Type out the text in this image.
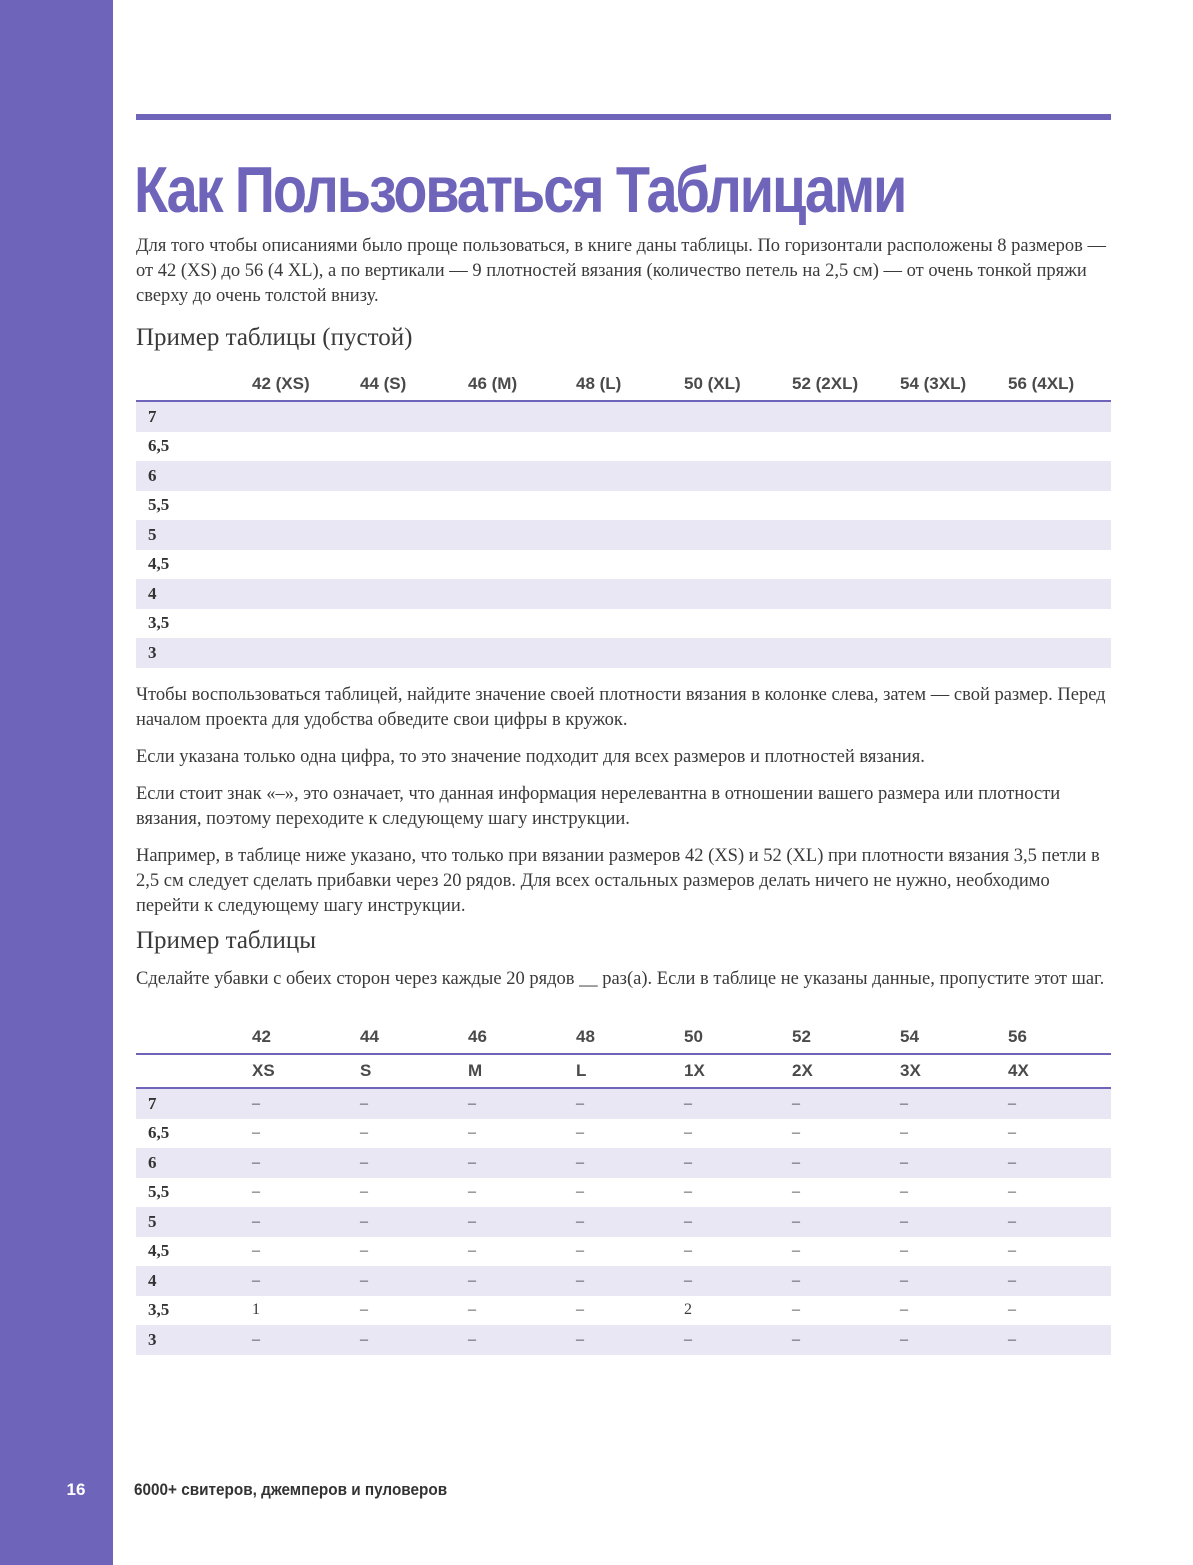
Как Пользоваться Таблицами

Для того чтобы описаниями было проще пользоваться, в книге даны таблицы. По горизонтали расположены 8 размеров — от 42 (XS) до 56 (4 XL), а по вертикали — 9 плотностей вязания (количество петель на 2,5 см) — от очень тонкой пряжи сверху до очень толстой внизу.

Пример таблицы (пустой)
	42 (XS)	44 (S)	46 (M)	48 (L)	50 (XL)	52 (2XL)	54 (3XL)	56 (4XL)
7								
6,5								
6								
5,5								
5								
4,5								
4								
3,5								
3								

Чтобы воспользоваться таблицей, найдите значение своей плотности вязания в колонке слева, затем — свой размер. Перед началом проекта для удобства обведите свои цифры в кружок.

Если указана только одна цифра, то это значение подходит для всех размеров и плотностей вязания.

Если стоит знак «–», это означает, что данная информация нерелевантна в отношении вашего размера или плотности вязания, поэтому переходите к следующему шагу инструкции.

Например, в таблице ниже указано, что только при вязании размеров 42 (XS) и 52 (XL) при плотности вязания 3,5 петли в 2,5 см следует сделать прибавки через 20 рядов. Для всех остальных размеров делать ничего не нужно, необходимо перейти к следующему шагу инструкции.

Пример таблицы

Сделайте убавки с обеих сторон через каждые 20 рядов __ раз(а). Если в таблице не указаны данные, пропустите этот шаг.

	42	44	46	48	50	52	54	56
	XS	S	M	L	1X	2X	3X	4X
7	–	–	–	–	–	–	–	–
6,5	–	–	–	–	–	–	–	–
6	–	–	–	–	–	–	–	–
5,5	–	–	–	–	–	–	–	–
5	–	–	–	–	–	–	–	–
4,5	–	–	–	–	–	–	–	–
4	–	–	–	–	–	–	–	–
3,5	1	–	–	–	2	–	–	–
3	–	–	–	–	–	–	–	–
16	6000+ свитеров, джемперов и пуловеров
